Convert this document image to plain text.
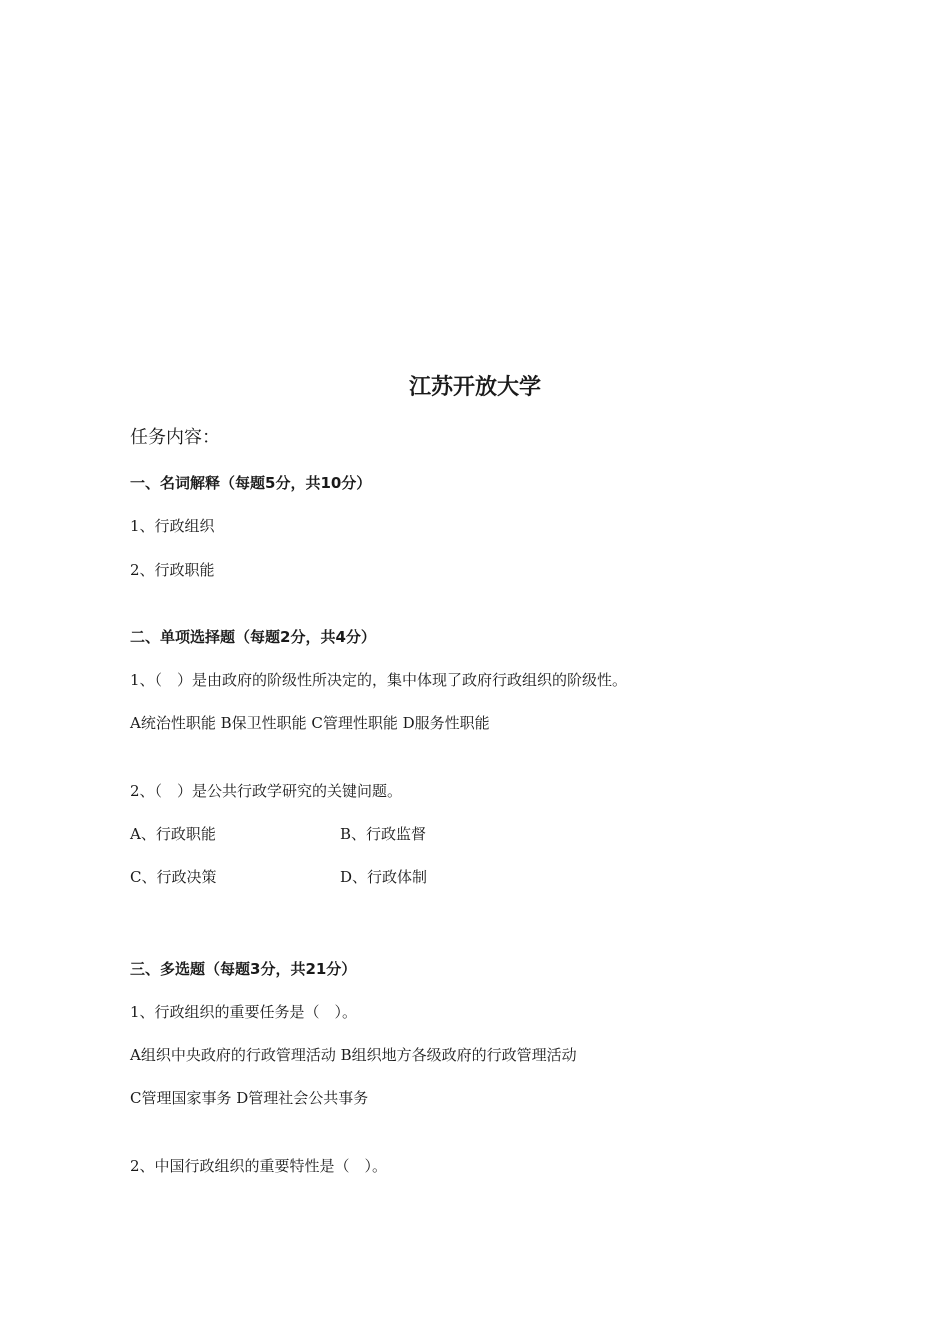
江苏开放大学
任务内容：
一、名词解释（每题5分，共10分）
1、行政组织
2、行政职能
二、单项选择题（每题2分，共4分）
1、（　）是由政府的阶级性所决定的，集中体现了政府行政组织的阶级性。
A统治性职能 B保卫性职能 C管理性职能 D服务性职能
2、（　）是公共行政学研究的关键问题。
A、行政职能	B、行政监督
C、行政决策	D、行政体制
三、多选题（每题3分，共21分）
1、行政组织的重要任务是（　）。
A组织中央政府的行政管理活动 B组织地方各级政府的行政管理活动
C管理国家事务 D管理社会公共事务
2、中国行政组织的重要特性是（　）。
